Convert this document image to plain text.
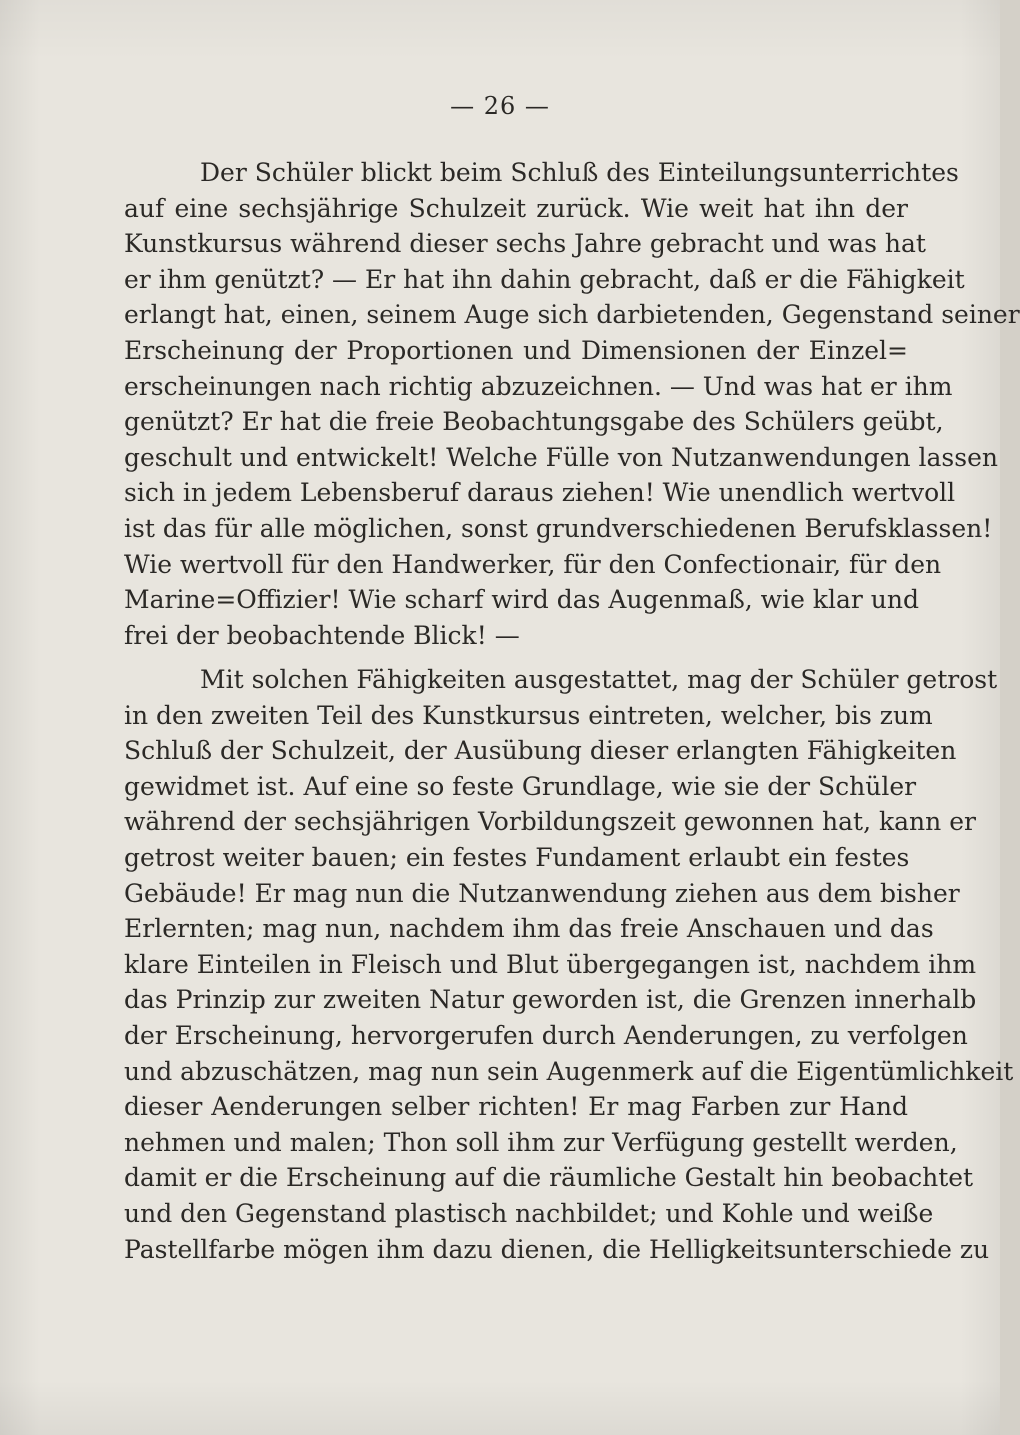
— 26 —
Der Schüler blickt beim Schluß des Einteilungsunterrichtes
auf eine sechsjährige Schulzeit zurück. Wie weit hat ihn der
Kunstkursus während dieser sechs Jahre gebracht und was hat
er ihm genützt? — Er hat ihn dahin gebracht, daß er die Fähigkeit
erlangt hat, einen, seinem Auge sich darbietenden, Gegenstand seiner
Erscheinung der Proportionen und Dimensionen der Einzel=
erscheinungen nach richtig abzuzeichnen. — Und was hat er ihm
genützt? Er hat die freie Beobachtungsgabe des Schülers geübt,
geschult und entwickelt! Welche Fülle von Nutzanwendungen lassen
sich in jedem Lebensberuf daraus ziehen! Wie unendlich wertvoll
ist das für alle möglichen, sonst grundverschiedenen Berufsklassen!
Wie wertvoll für den Handwerker, für den Confectionair, für den
Marine=Offizier! Wie scharf wird das Augenmaß, wie klar und
frei der beobachtende Blick! —
Mit solchen Fähigkeiten ausgestattet, mag der Schüler getrost
in den zweiten Teil des Kunstkursus eintreten, welcher, bis zum
Schluß der Schulzeit, der Ausübung dieser erlangten Fähigkeiten
gewidmet ist. Auf eine so feste Grundlage, wie sie der Schüler
während der sechsjährigen Vorbildungszeit gewonnen hat, kann er
getrost weiter bauen; ein festes Fundament erlaubt ein festes
Gebäude! Er mag nun die Nutzanwendung ziehen aus dem bisher
Erlernten; mag nun, nachdem ihm das freie Anschauen und das
klare Einteilen in Fleisch und Blut übergegangen ist, nachdem ihm
das Prinzip zur zweiten Natur geworden ist, die Grenzen innerhalb
der Erscheinung, hervorgerufen durch Aenderungen, zu verfolgen
und abzuschätzen, mag nun sein Augenmerk auf die Eigentümlichkeit
dieser Aenderungen selber richten! Er mag Farben zur Hand
nehmen und malen; Thon soll ihm zur Verfügung gestellt werden,
damit er die Erscheinung auf die räumliche Gestalt hin beobachtet
und den Gegenstand plastisch nachbildet; und Kohle und weiße
Pastellfarbe mögen ihm dazu dienen, die Helligkeitsunterschiede zu
